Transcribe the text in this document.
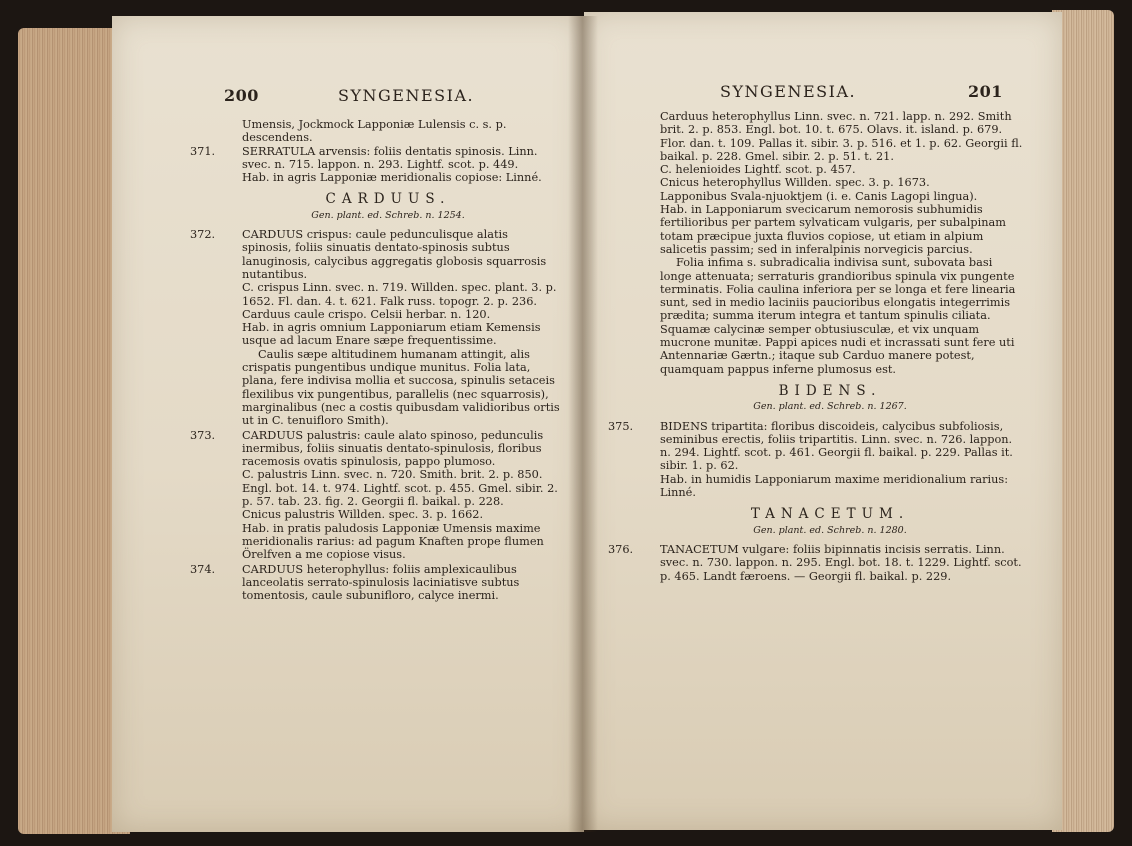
200	SYNGENESIA.
Umensis, Jockmock Lapponiæ Lulensis c. s. p. descendens.
371. SERRATULA arvensis: foliis dentatis spinosis. Linn. svec. n. 715. lappon. n. 293. Lightf. scot. p. 449.
Hab. in agris Lapponiæ meridionalis copiose: Linné.
CARDUUS.
Gen. plant. ed. Schreb. n. 1254.
372. CARDUUS crispus: caule pedunculisque alatis spinosis, foliis sinuatis dentato-spinosis subtus lanuginosis, calycibus aggregatis globosis squarrosis nutantibus.
C. crispus Linn. svec. n. 719. Willden. spec. plant. 3. p. 1652. Fl. dan. 4. t. 621. Falk russ. topogr. 2. p. 236.
Carduus caule crispo. Celsii herbar. n. 120.
Hab. in agris omnium Lapponiarum etiam Kemensis usque ad lacum Enare sæpe frequentissime.
Caulis sæpe altitudinem humanam attingit, alis crispatis pungentibus undique munitus. Folia lata, plana, fere indivisa mollia et succosa, spinulis setaceis flexilibus vix pungentibus, parallelis (nec squarrosis), marginalibus (nec a costis quibusdam validioribus ortis ut in C. tenuifloro Smith).
373. CARDUUS palustris: caule alato spinoso, pedunculis inermibus, foliis sinuatis dentato-spinulosis, floribus racemosis ovatis spinulosis, pappo plumoso.
C. palustris Linn. svec. n. 720. Smith. brit. 2. p. 850. Engl. bot. 14. t. 974. Lightf. scot. p. 455. Gmel. sibir. 2. p. 57. tab. 23. fig. 2. Georgii fl. baikal. p. 228.
Cnicus palustris Willden. spec. 3. p. 1662.
Hab. in pratis paludosis Lapponiæ Umensis maxime meridionalis rarius: ad pagum Knaften prope flumen Örelfven a me copiose visus.
374. CARDUUS heterophyllus: foliis amplexicaulibus lanceolatis serrato-spinulosis laciniatisve subtus tomentosis, caule subunifloro, calyce inermi.
SYNGENESIA.	201
Carduus heterophyllus Linn. svec. n. 721. lapp. n. 292. Smith brit. 2. p. 853. Engl. bot. 10. t. 675. Olavs. it. island. p. 679. Flor. dan. t. 109. Pallas it. sibir. 3. p. 516. et 1. p. 62. Georgii fl. baikal. p. 228. Gmel. sibir. 2. p. 51. t. 21.
C. helenioides Lightf. scot. p. 457.
Cnicus heterophyllus Willden. spec. 3. p. 1673.
Lapponibus Svala-njuoktjem (i. e. Canis Lagopi lingua).
Hab. in Lapponiarum svecicarum nemorosis subhumidis fertilioribus per partem sylvaticam vulgaris, per subalpinam totam præcipue juxta fluvios copiose, ut etiam in alpium salicetis passim; sed in inferalpinis norvegicis parcius.
Folia infima s. subradicalia indivisa sunt, subovata basi longe attenuata; serraturis grandioribus spinula vix pungente terminatis. Folia caulina inferiora per se longa et fere linearia sunt, sed in medio laciniis paucioribus elongatis integerrimis prædita; summa iterum integra et tantum spinulis ciliata. Squamæ calycinæ semper obtusiusculæ, et vix unquam mucrone munitæ. Pappi apices nudi et incrassati sunt fere uti Antennariæ Gærtn.; itaque sub Carduo manere potest, quamquam pappus inferne plumosus est.
BIDENS.
Gen. plant. ed. Schreb. n. 1267.
375. BIDENS tripartita: floribus discoideis, calycibus subfoliosis, seminibus erectis, foliis tripartitis. Linn. svec. n. 726. lappon. n. 294. Lightf. scot. p. 461. Georgii fl. baikal. p. 229. Pallas it. sibir. 1. p. 62.
Hab. in humidis Lapponiarum maxime meridionalium rarius: Linné.
TANACETUM.
Gen. plant. ed. Schreb. n. 1280.
376. TANACETUM vulgare: foliis bipinnatis incisis serratis. Linn. svec. n. 730. lappon. n. 295. Engl. bot. 18. t. 1229. Lightf. scot. p. 465. Landt færoens. — Georgii fl. baikal. p. 229.
